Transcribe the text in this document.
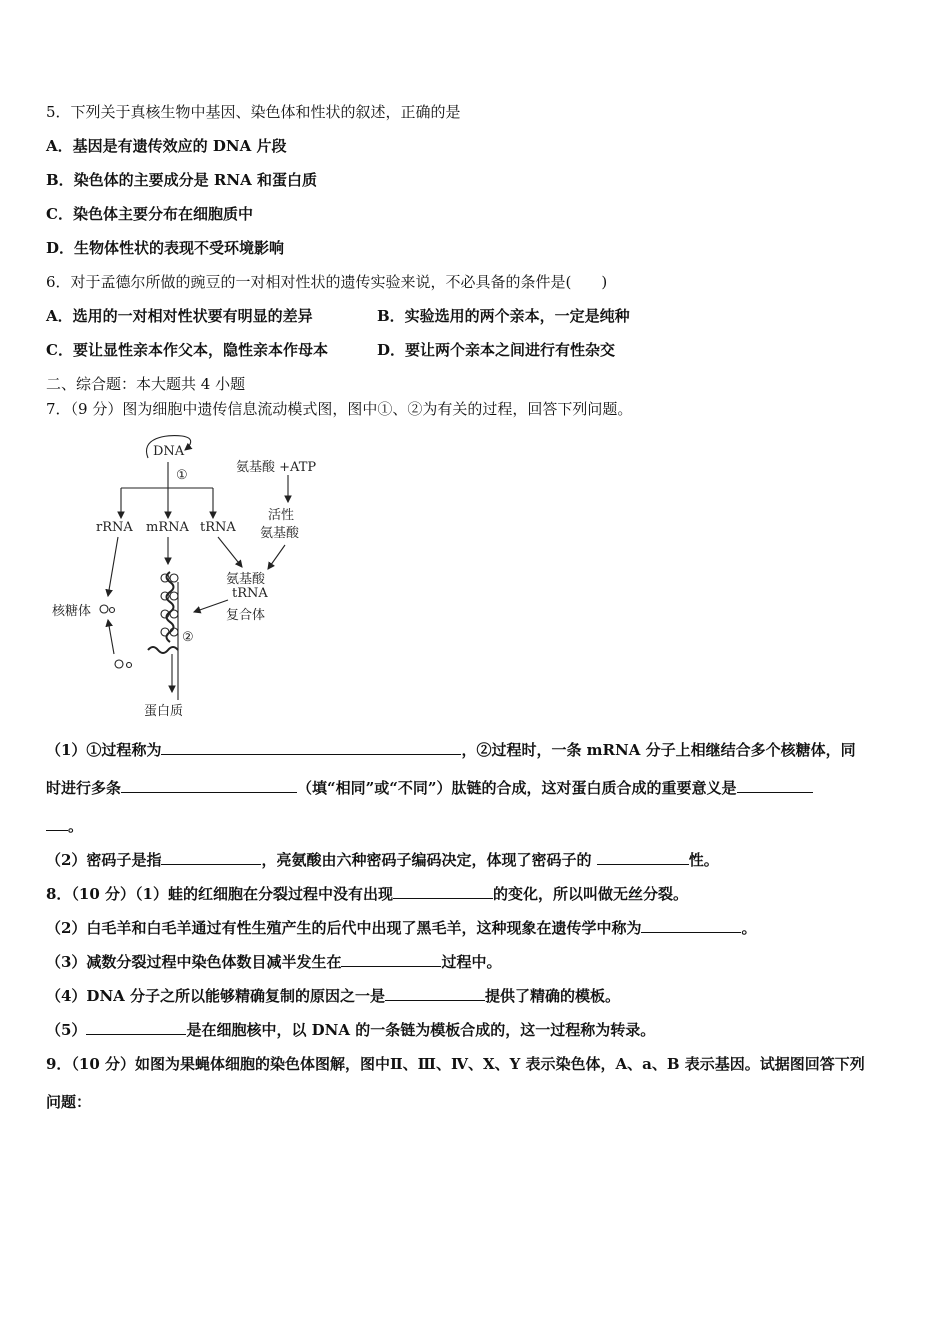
5．下列关于真核生物中基因、染色体和性状的叙述，正确的是
A．基因是有遗传效应的 DNA 片段
B．染色体的主要成分是 RNA 和蛋白质
C．染色体主要分布在细胞质中
D．生物体性状的表现不受环境影响
6．对于孟德尔所做的豌豆的一对相对性状的遗传实验来说，不必具备的条件是(　　)
A．选用的一对相对性状要有明显的差异	B．实验选用的两个亲本，一定是纯种
C．要让显性亲本作父本，隐性亲本作母本	D．要让两个亲本之间进行有性杂交
二、综合题：本大题共 4 小题
7．（9 分）图为细胞中遗传信息流动模式图，图中①、②为有关的过程，回答下列问题。
DNA
①
氨基酸 +ATP
活性
氨基酸
rRNA mRNA tRNA
氨基酸
tRNA
复合体
核糖体
②
蛋白质
（1）①过程称为	，②过程时，一条 mRNA 分子上相继结合多个核糖体，同
时进行多条	（填“相同”或“不同”）肽链的合成，这对蛋白质合成的重要意义是
。
（2）密码子是指	，亮氨酸由六种密码子编码决定，体现了密码子的	性。
8．（10 分）（1）蛙的红细胞在分裂过程中没有出现	的变化，所以叫做无丝分裂。
（2）白毛羊和白毛羊通过有性生殖产生的后代中出现了黑毛羊，这种现象在遗传学中称为	。
（3）减数分裂过程中染色体数目减半发生在	过程中。
（4）DNA 分子之所以能够精确复制的原因之一是	提供了精确的模板。
（5）	是在细胞核中，以 DNA 的一条链为模板合成的，这一过程称为转录。
9．（10 分）如图为果蝇体细胞的染色体图解，图中Ⅱ、Ⅲ、Ⅳ、X、Y 表示染色体，A、a、B 表示基因。试据图回答下列
问题：
